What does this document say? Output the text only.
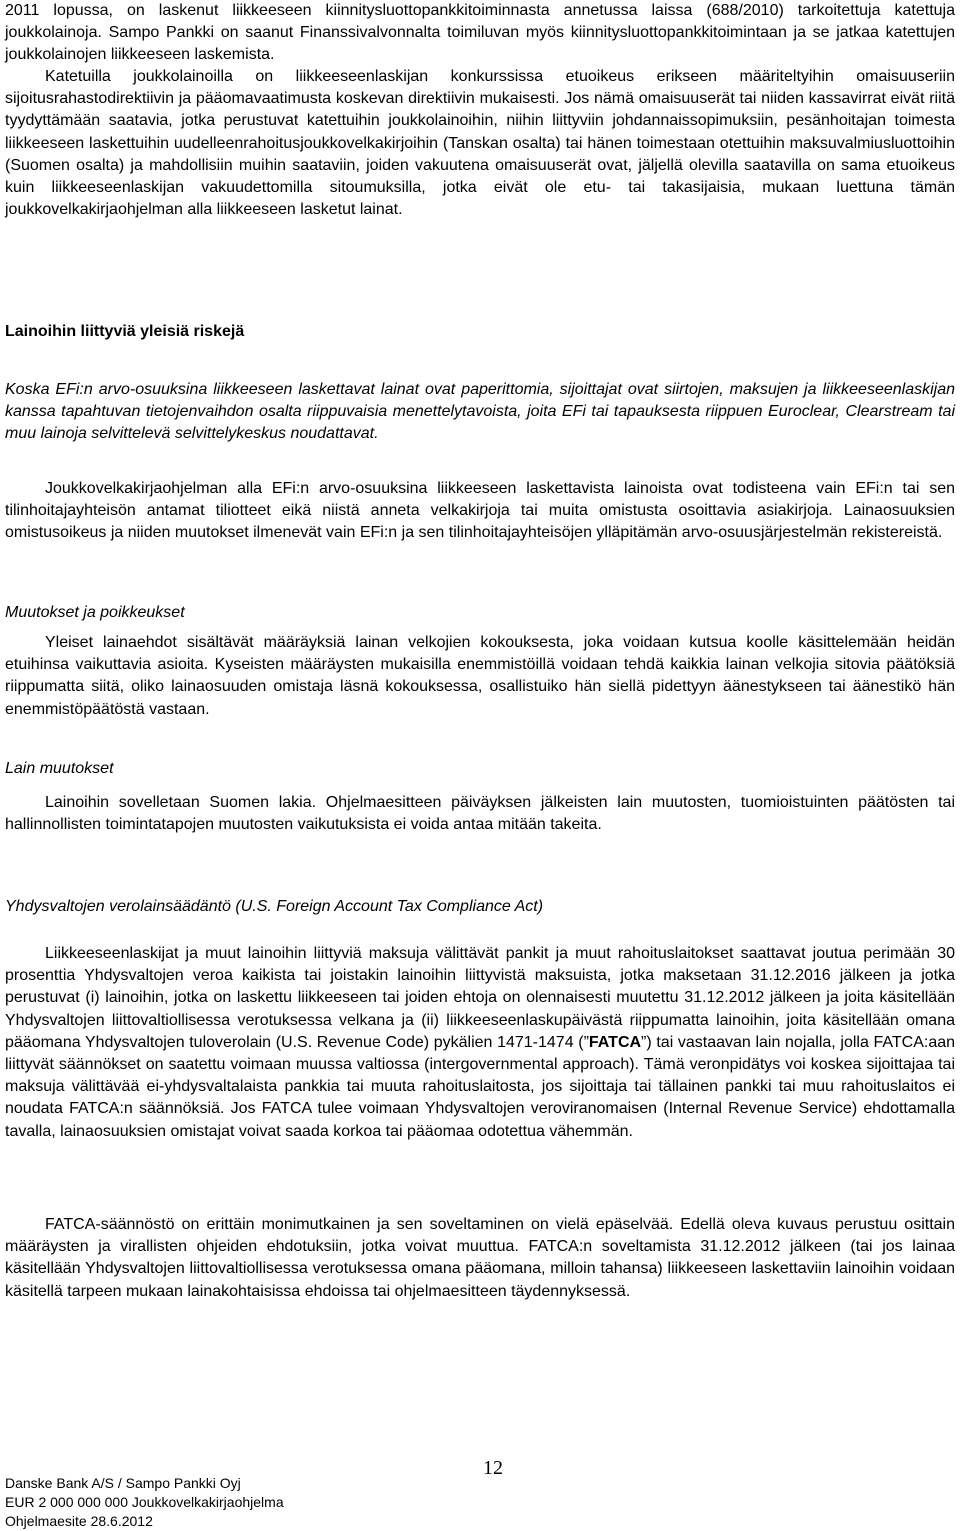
2011 lopussa, on laskenut liikkeeseen kiinnitysluottopankkitoiminnasta annetussa laissa (688/2010) tarkoitettuja katettuja joukkolainoja. Sampo Pankki on saanut Finanssivalvonnalta toimiluvan myös kiinnitysluottopankkitoimintaan ja se jatkaa katettujen joukkolainojen liikkeeseen laskemista.

Katetuilla joukkolainoilla on liikkeeseenlaskijan konkurssissa etuoikeus erikseen määriteltyihin omaisuuseriin sijoitusrahastodirektiivin ja pääomavaatimusta koskevan direktiivin mukaisesti. Jos nämä omaisuuserät tai niiden kassavirrat eivät riitä tyydyttämään saatavia, jotka perustuvat katettuihin joukkolainoihin, niihin liittyviin johdannaissopimuksiin, pesänhoitajan toimesta liikkeeseen laskettuihin uudelleenrahoitusjoukkovelkakirjoihin (Tanskan osalta) tai hänen toimestaan otettuihin maksuvalmiusluottoihin (Suomen osalta) ja mahdollisiin muihin saataviin, joiden vakuutena omaisuuserät ovat, jäljellä olevilla saatavilla on sama etuoikeus kuin liikkeeseenlaskijan vakuudettomilla sitoumuksilla, jotka eivät ole etu- tai takasijaisia, mukaan luettuna tämän joukkovelkakirjaohjelman alla liikkeeseen lasketut lainat.

Lainoihin liittyviä yleisiä riskejä

Koska EFi:n arvo-osuuksina liikkeeseen laskettavat lainat ovat paperittomia, sijoittajat ovat siirtojen, maksujen ja liikkeeseenlaskijan kanssa tapahtuvan tietojenvaihdon osalta riippuvaisia menettelytavoista, joita EFi tai tapauksesta riippuen Euroclear, Clearstream tai muu lainoja selvittelevä selvittelykeskus noudattavat.

Joukkovelkakirjaohjelman alla EFi:n arvo-osuuksina liikkeeseen laskettavista lainoista ovat todisteena vain EFi:n tai sen tilinhoitajayhteisön antamat tiliotteet eikä niistä anneta velkakirjoja tai muita omistusta osoittavia asiakirjoja. Lainaosuuksien omistusoikeus ja niiden muutokset ilmenevät vain EFi:n ja sen tilinhoitajayhteisöjen ylläpitämän arvo-osuusjärjestelmän rekistereistä.

Muutokset ja poikkeukset

Yleiset lainaehdot sisältävät määräyksiä lainan velkojien kokouksesta, joka voidaan kutsua koolle käsittelemään heidän etuihinsa vaikuttavia asioita. Kyseisten määräysten mukaisilla enemmistöillä voidaan tehdä kaikkia lainan velkojia sitovia päätöksiä riippumatta siitä, oliko lainaosuuden omistaja läsnä kokouksessa, osallistuiko hän siellä pidettyyn äänestykseen tai äänestikö hän enemmistöpäätöstä vastaan.

Lain muutokset

Lainoihin sovelletaan Suomen lakia. Ohjelmaesitteen päiväyksen jälkeisten lain muutosten, tuomioistuinten päätösten tai hallinnollisten toimintatapojen muutosten vaikutuksista ei voida antaa mitään takeita.

Yhdysvaltojen verolainsäädäntö (U.S. Foreign Account Tax Compliance Act)

Liikkeeseenlaskijat ja muut lainoihin liittyviä maksuja välittävät pankit ja muut rahoituslaitokset saattavat joutua perimään 30 prosenttia Yhdysvaltojen veroa kaikista tai joistakin lainoihin liittyvistä maksuista, jotka maksetaan 31.12.2016 jälkeen ja jotka perustuvat (i) lainoihin, jotka on laskettu liikkeeseen tai joiden ehtoja on olennaisesti muutettu 31.12.2012 jälkeen ja joita käsitellään Yhdysvaltojen liittovaltiollisessa verotuksessa velkana ja (ii) liikkeeseenlaskupäivästä riippumatta lainoihin, joita käsitellään omana pääomana Yhdysvaltojen tuloverolain (U.S. Revenue Code) pykälien 1471-1474 (”FATCA”) tai vastaavan lain nojalla, jolla FATCA:aan liittyvät säännökset on saatettu voimaan muussa valtiossa (intergovernmental approach). Tämä veronpidätys voi koskea sijoittajaa tai maksuja välittävää ei-yhdysvaltalaista pankkia tai muuta rahoituslaitosta, jos sijoittaja tai tällainen pankki tai muu rahoituslaitos ei noudata FATCA:n säännöksiä. Jos FATCA tulee voimaan Yhdysvaltojen veroviranomaisen (Internal Revenue Service) ehdottamalla tavalla, lainaosuuksien omistajat voivat saada korkoa tai pääomaa odotettua vähemmän.

FATCA-säännöstö on erittäin monimutkainen ja sen soveltaminen on vielä epäselvää. Edellä oleva kuvaus perustuu osittain määräysten ja virallisten ohjeiden ehdotuksiin, jotka voivat muuttua. FATCA:n soveltamista 31.12.2012 jälkeen (tai jos lainaa käsitellään Yhdysvaltojen liittovaltiollisessa verotuksessa omana pääomana, milloin tahansa) liikkeeseen laskettaviin lainoihin voidaan käsitellä tarpeen mukaan lainakohtaisissa ehdoissa tai ohjelmaesitteen täydennyksessä.

12
Danske Bank A/S / Sampo Pankki Oyj
EUR 2 000 000 000 Joukkovelkakirjaohjelma
Ohjelmaesite 28.6.2012
